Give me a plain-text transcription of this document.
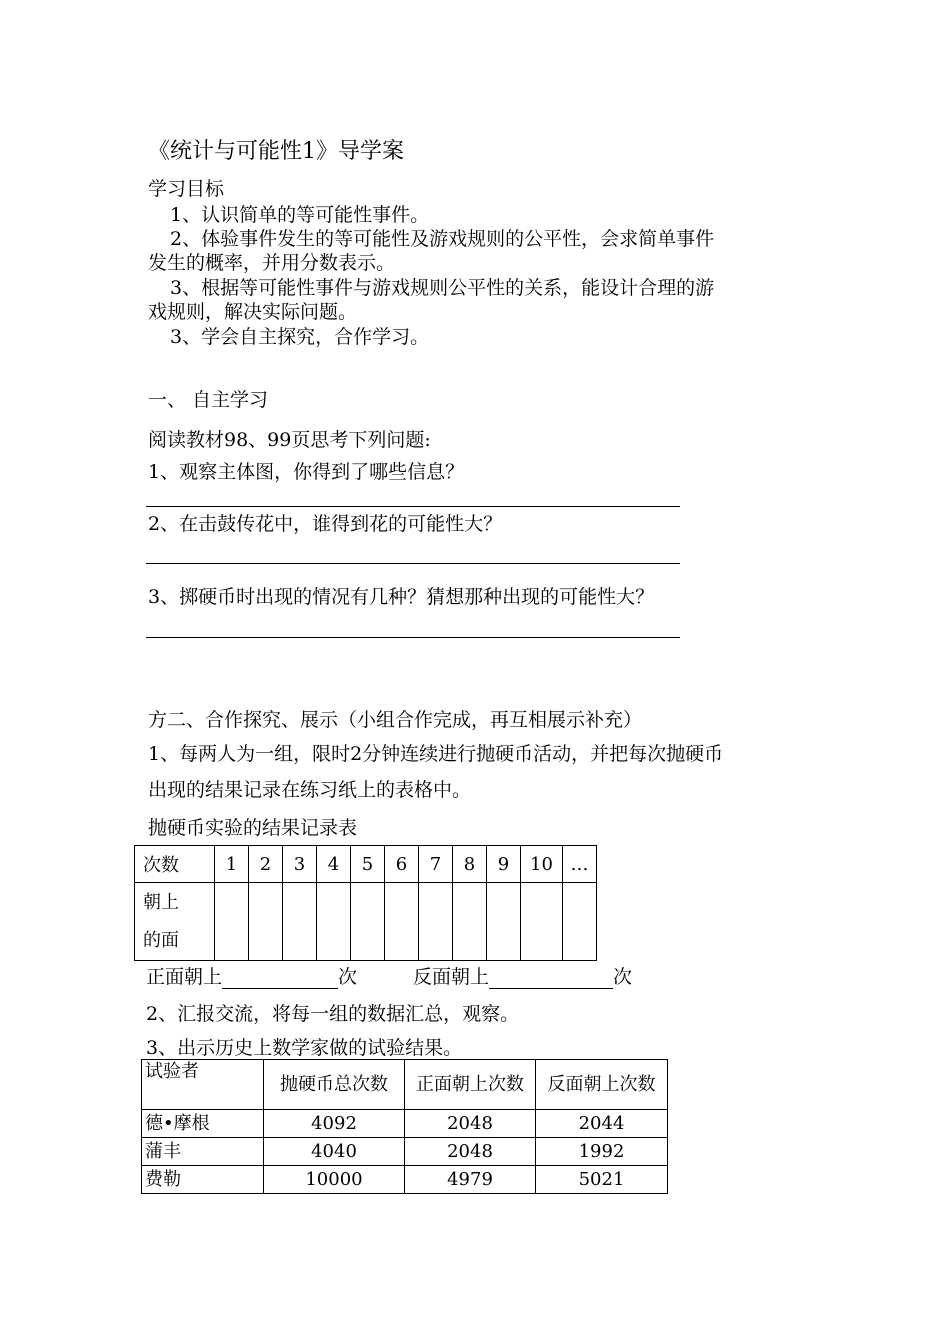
《统计与可能性1》导学案
学习目标
1、认识简单的等可能性事件。
2、体验事件发生的等可能性及游戏规则的公平性，会求简单事件
发生的概率，并用分数表示。
3、根据等可能性事件与游戏规则公平性的关系，能设计合理的游
戏规则，解决实际问题。
3、学会自主探究，合作学习。
一、 自主学习
阅读教材98、99页思考下列问题:
1、观察主体图，你得到了哪些信息？
2、在击鼓传花中，谁得到花的可能性大？
3、掷硬币时出现的情况有几种？猜想那种出现的可能性大？
方二、合作探究、展示（小组合作完成，再互相展示补充）
1、每两人为一组，限时2分钟连续进行抛硬币活动，并把每次抛硬币
出现的结果记录在练习纸上的表格中。
抛硬币实验的结果记录表
次数	1	2	3	4	5	6	7	8	9	10	…

朝上
的面											

正面朝上	次	反面朝上	次
2、汇报交流，将每一组的数据汇总，观察。
3、出示历史上数学家做的试验结果。
试验者	抛硬币总次数	正面朝上次数	反面朝上次数
德•摩根	4092	2048	2044
蒲丰	4040	2048	1992
费勒	10000	4979	5021
